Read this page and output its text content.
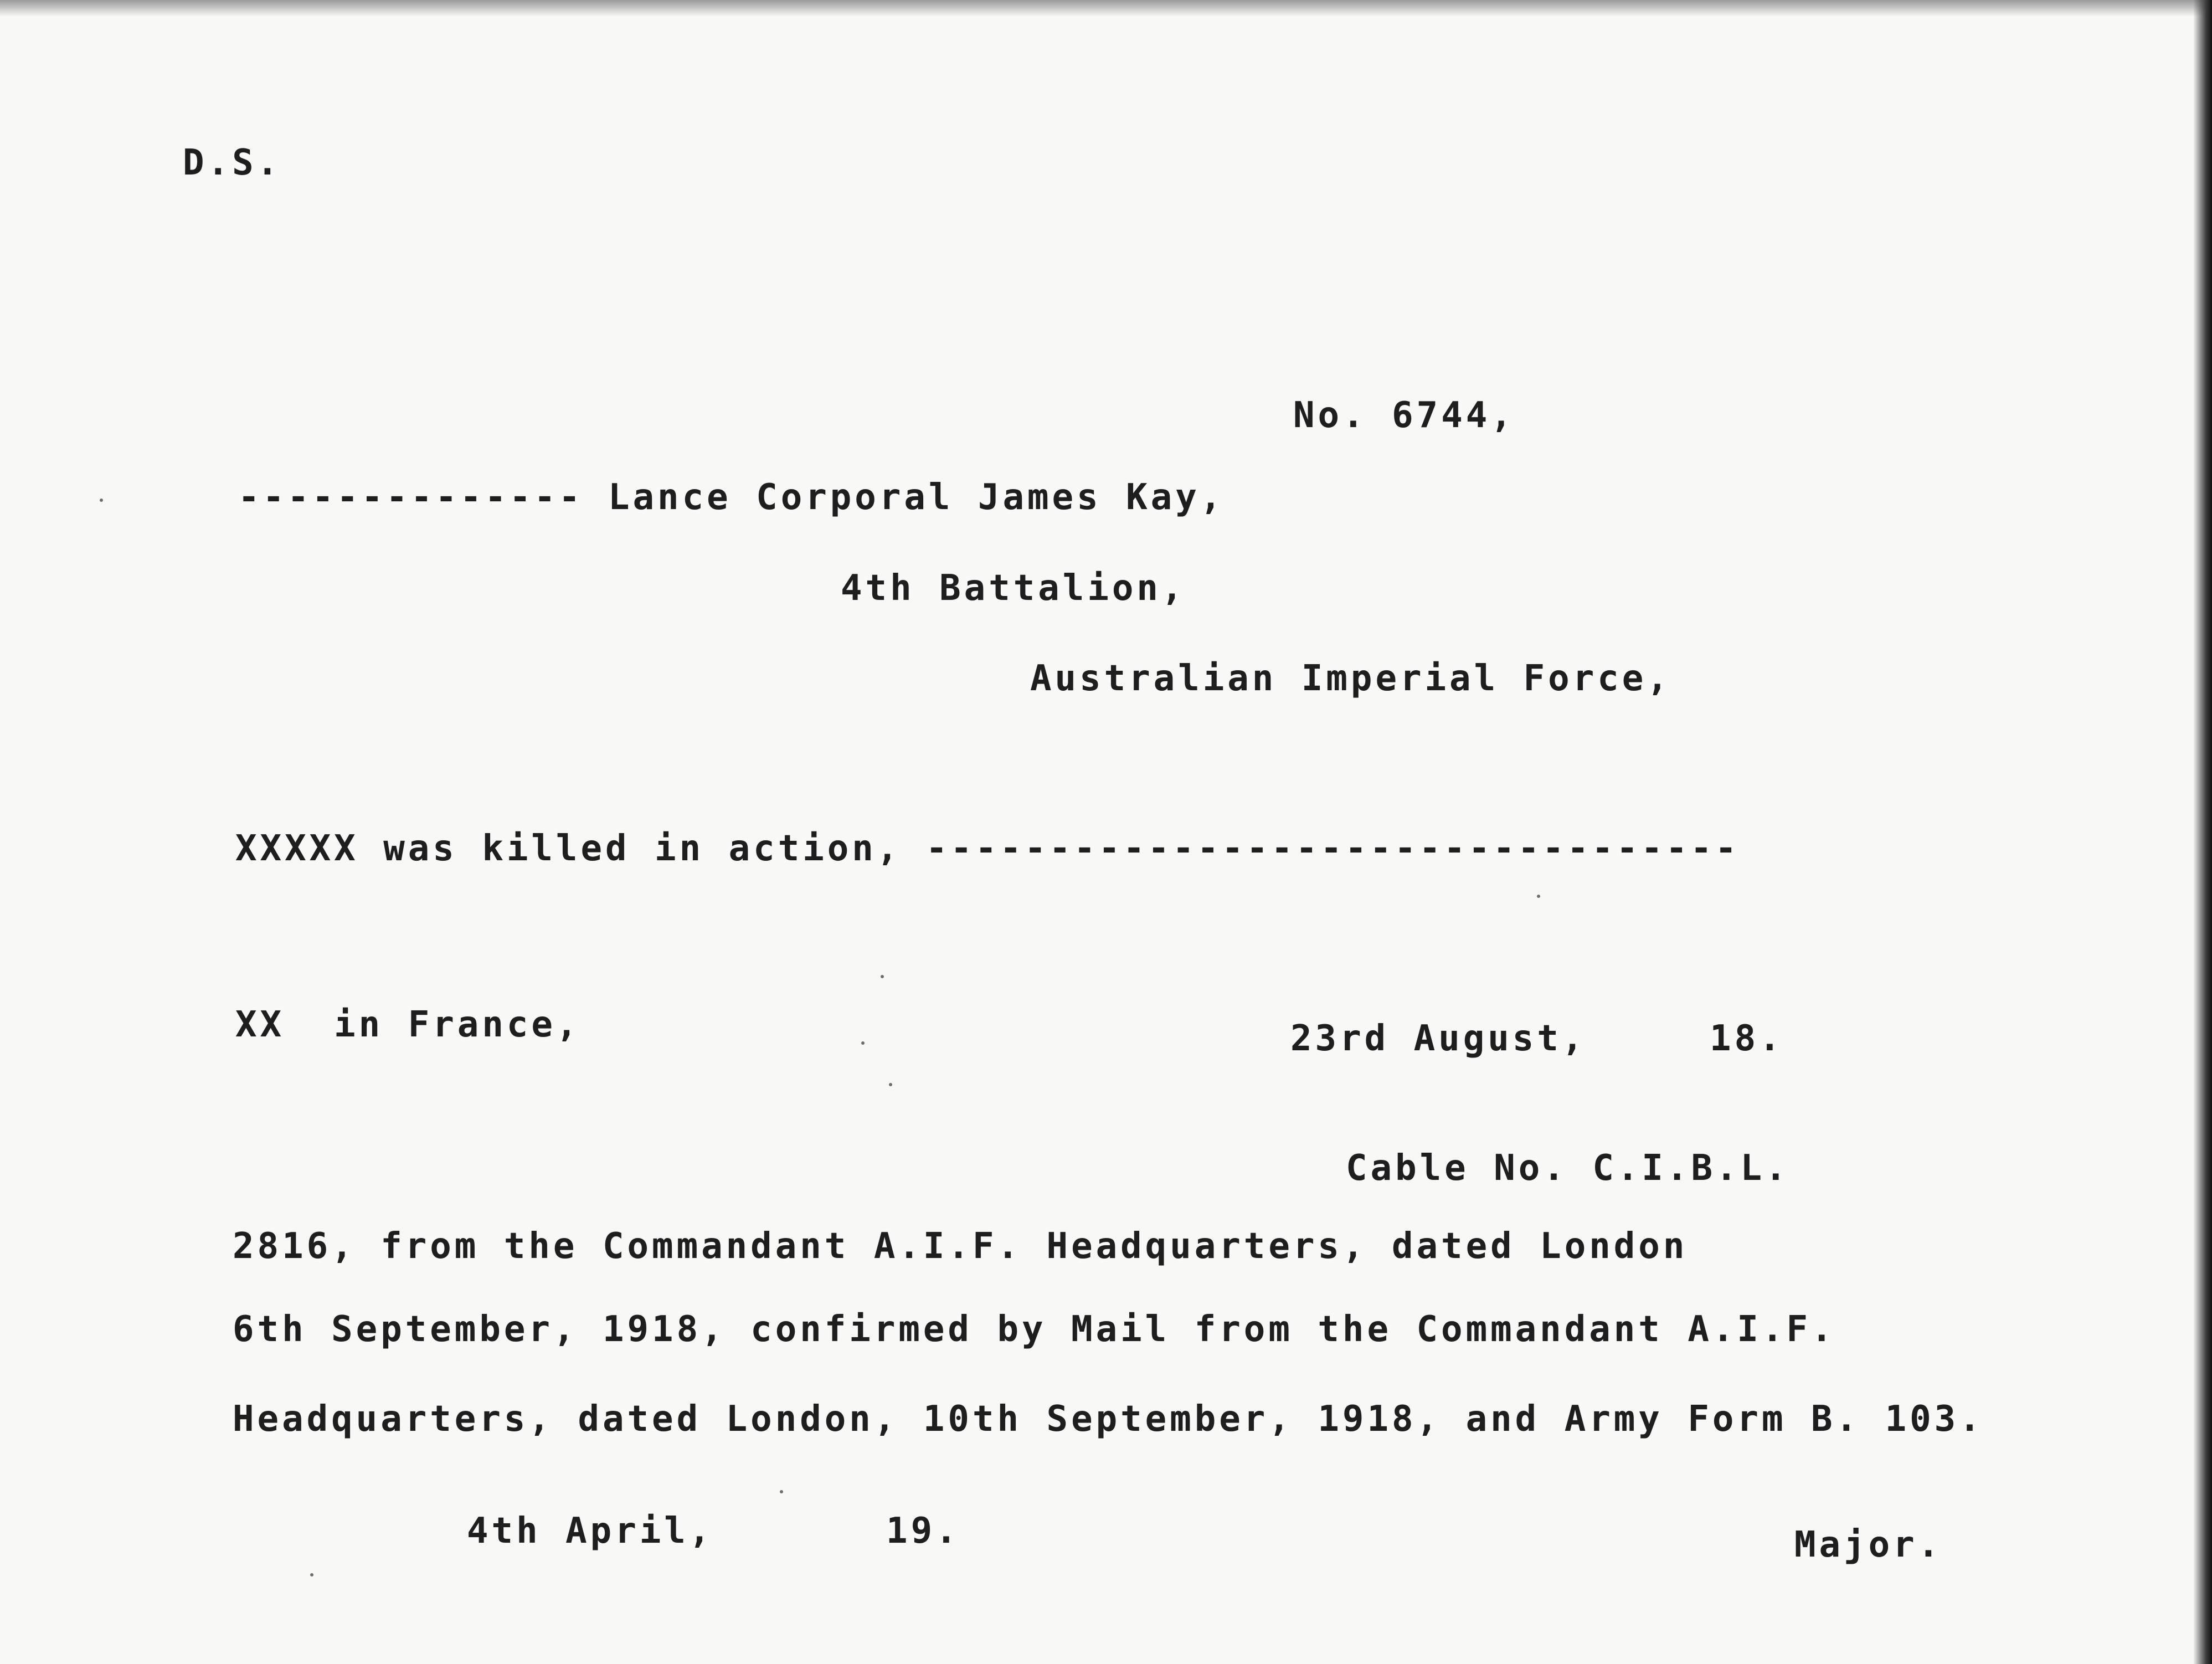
D.S.
No. 6744,
-------------- Lance Corporal James Kay,
4th Battalion,
Australian Imperial Force,
XXXXX was killed in action, ---------------------------------
XX  in France,	23rd August,     18.
Cable No. C.I.B.L.
2816, from the Commandant A.I.F. Headquarters, dated London
6th September, 1918, confirmed by Mail from the Commandant A.I.F.
Headquarters, dated London, 10th September, 1918, and Army Form B. 103.
4th April,       19.	Major.
